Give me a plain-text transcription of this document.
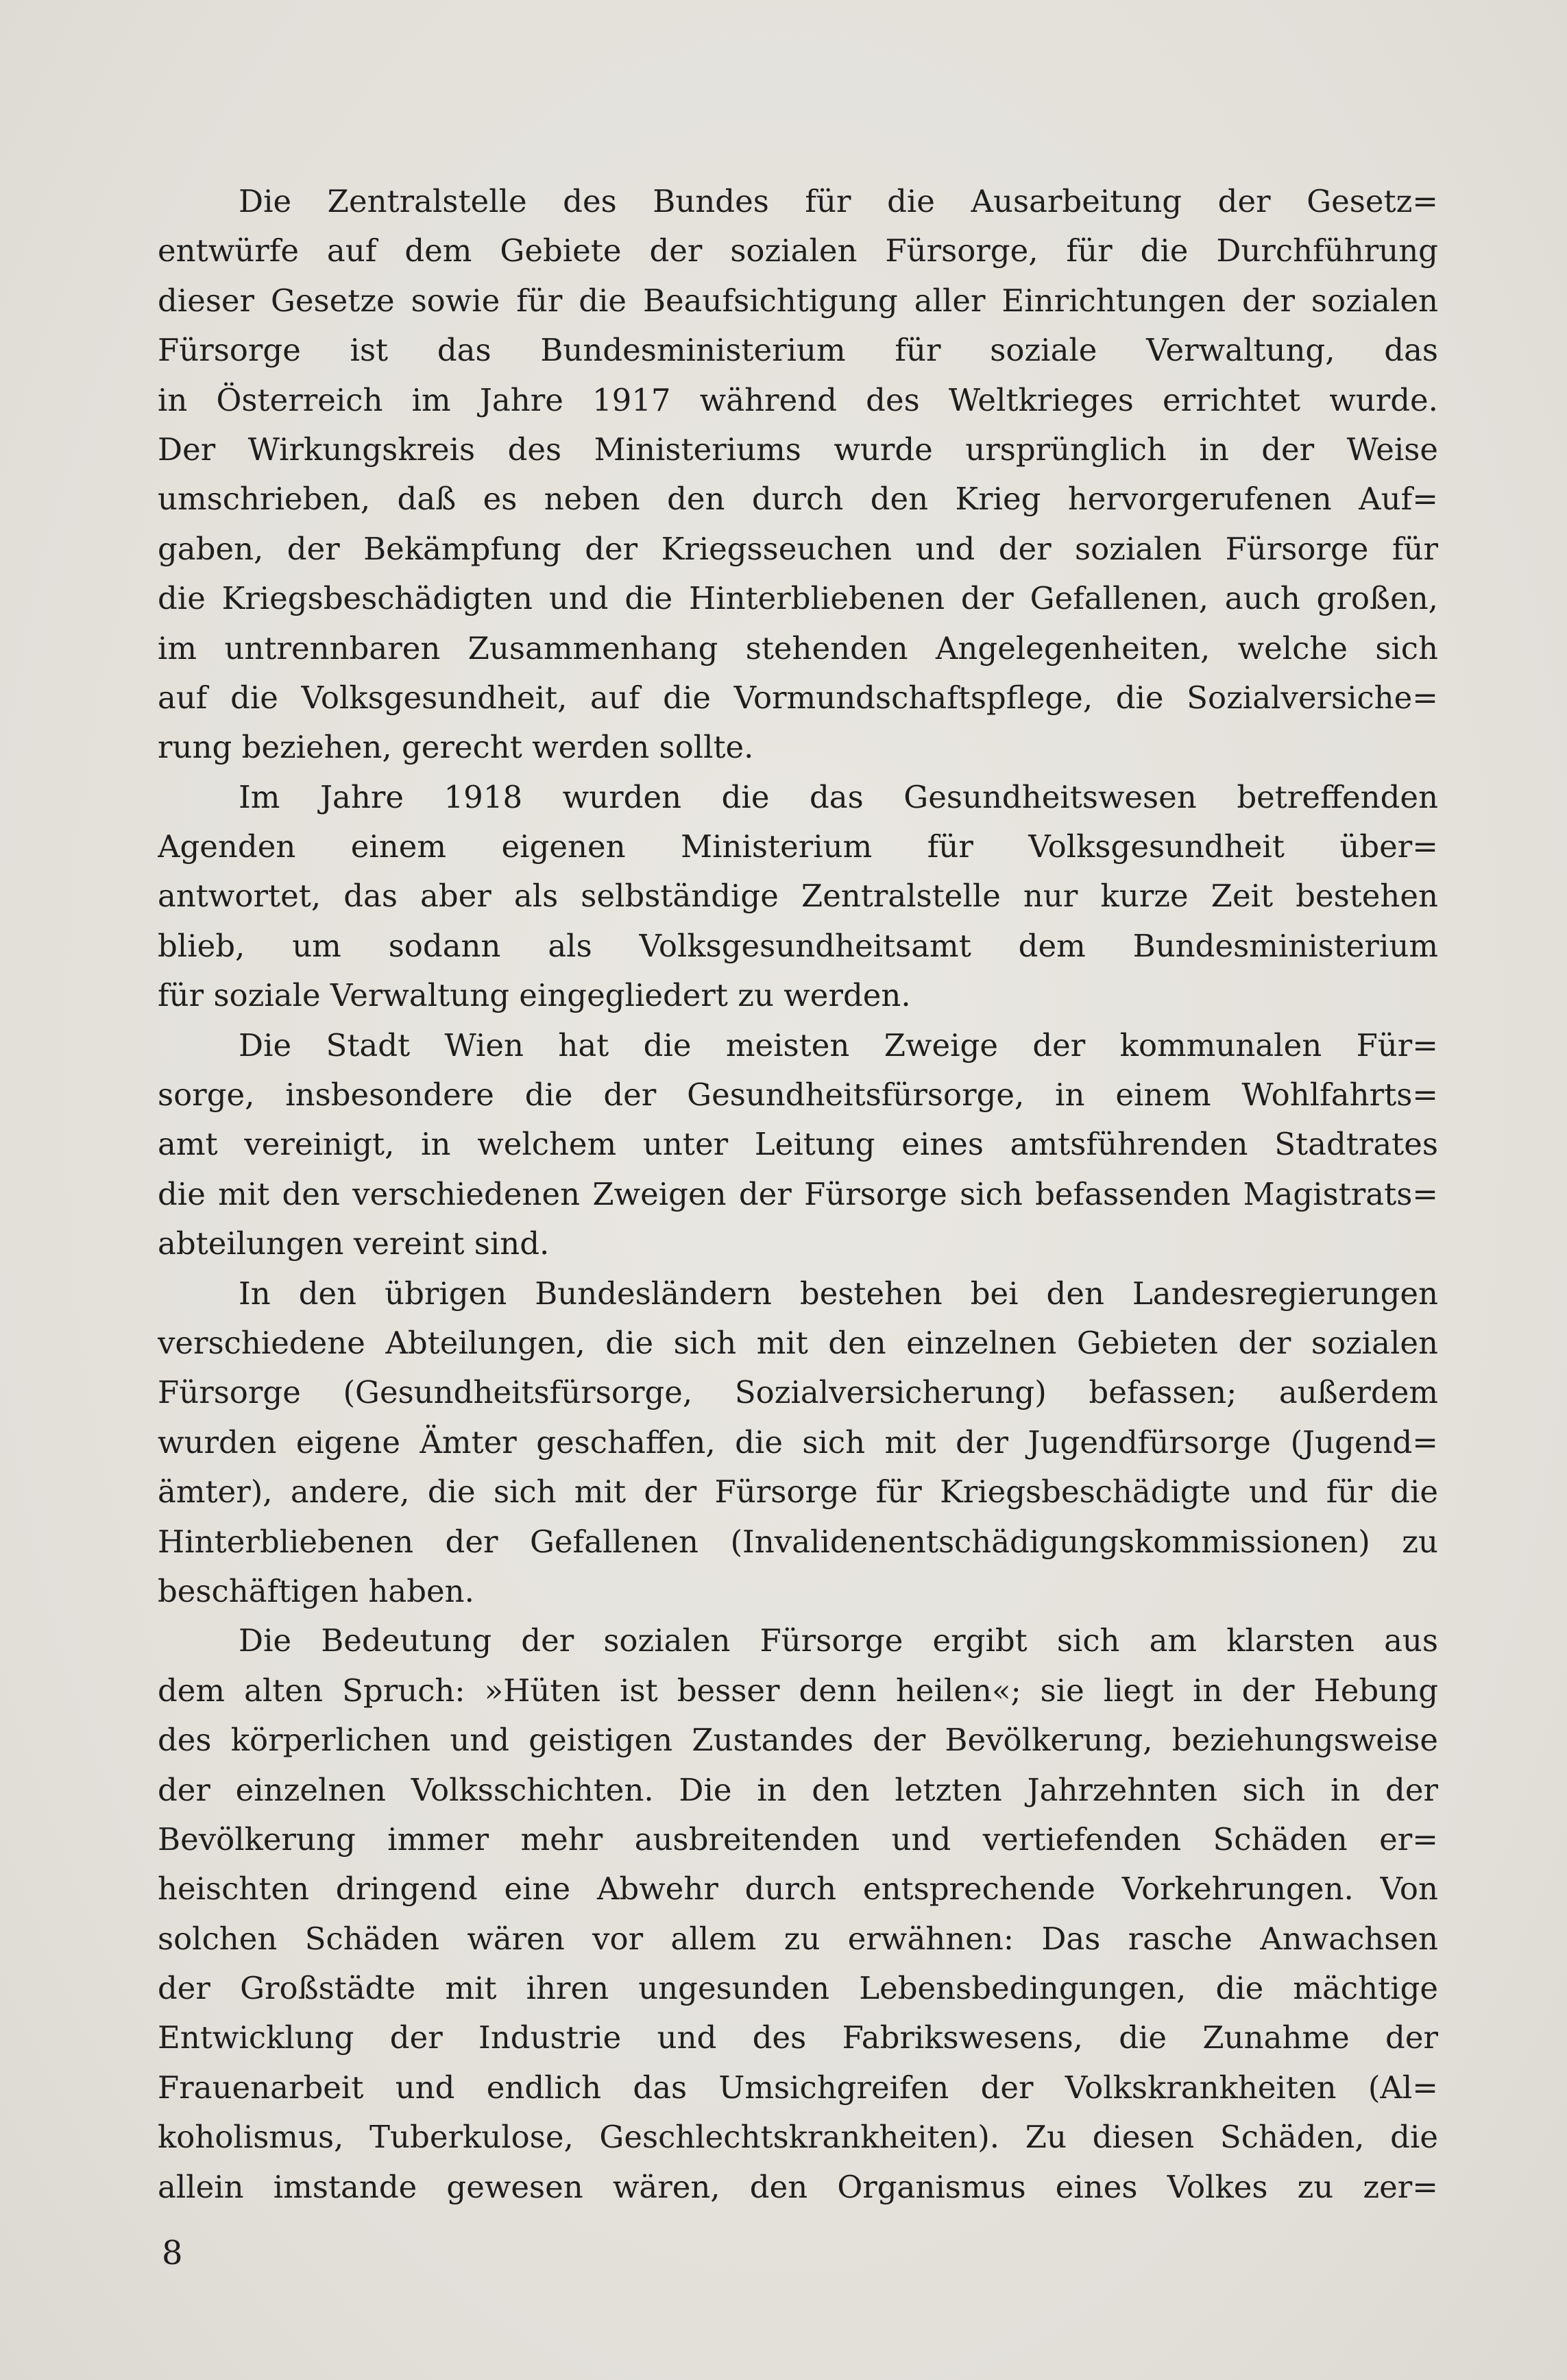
Die Zentralstelle des Bundes für die Ausarbeitung der Gesetz=
entwürfe auf dem Gebiete der sozialen Fürsorge, für die Durchführung
dieser Gesetze sowie für die Beaufsichtigung aller Einrichtungen der sozialen
Fürsorge ist das Bundesministerium für soziale Verwaltung, das
in Österreich im Jahre 1917 während des Weltkrieges errichtet wurde.
Der Wirkungskreis des Ministeriums wurde ursprünglich in der Weise
umschrieben, daß es neben den durch den Krieg hervorgerufenen Auf=
gaben, der Bekämpfung der Kriegsseuchen und der sozialen Fürsorge für
die Kriegsbeschädigten und die Hinterbliebenen der Gefallenen, auch großen,
im untrennbaren Zusammenhang stehenden Angelegenheiten, welche sich
auf die Volksgesundheit, auf die Vormundschaftspflege, die Sozialversiche=
rung beziehen, gerecht werden sollte.
Im Jahre 1918 wurden die das Gesundheitswesen betreffenden
Agenden einem eigenen Ministerium für Volksgesundheit über=
antwortet, das aber als selbständige Zentralstelle nur kurze Zeit bestehen
blieb, um sodann als Volksgesundheitsamt dem Bundesministerium
für soziale Verwaltung eingegliedert zu werden.
Die Stadt Wien hat die meisten Zweige der kommunalen Für=
sorge, insbesondere die der Gesundheitsfürsorge, in einem Wohlfahrts=
amt vereinigt, in welchem unter Leitung eines amtsführenden Stadtrates
die mit den verschiedenen Zweigen der Fürsorge sich befassenden Magistrats=
abteilungen vereint sind.
In den übrigen Bundesländern bestehen bei den Landesregierungen
verschiedene Abteilungen, die sich mit den einzelnen Gebieten der sozialen
Fürsorge (Gesundheitsfürsorge, Sozialversicherung) befassen; außerdem
wurden eigene Ämter geschaffen, die sich mit der Jugendfürsorge (Jugend=
ämter), andere, die sich mit der Fürsorge für Kriegsbeschädigte und für die
Hinterbliebenen der Gefallenen (Invalidenentschädigungskommissionen) zu
beschäftigen haben.
Die Bedeutung der sozialen Fürsorge ergibt sich am klarsten aus
dem alten Spruch: »Hüten ist besser denn heilen«; sie liegt in der Hebung
des körperlichen und geistigen Zustandes der Bevölkerung, beziehungsweise
der einzelnen Volksschichten. Die in den letzten Jahrzehnten sich in der
Bevölkerung immer mehr ausbreitenden und vertiefenden Schäden er=
heischten dringend eine Abwehr durch entsprechende Vorkehrungen. Von
solchen Schäden wären vor allem zu erwähnen: Das rasche Anwachsen
der Großstädte mit ihren ungesunden Lebensbedingungen, die mächtige
Entwicklung der Industrie und des Fabrikswesens, die Zunahme der
Frauenarbeit und endlich das Umsichgreifen der Volkskrankheiten (Al=
koholismus, Tuberkulose, Geschlechtskrankheiten). Zu diesen Schäden, die
allein imstande gewesen wären, den Organismus eines Volkes zu zer=
8
